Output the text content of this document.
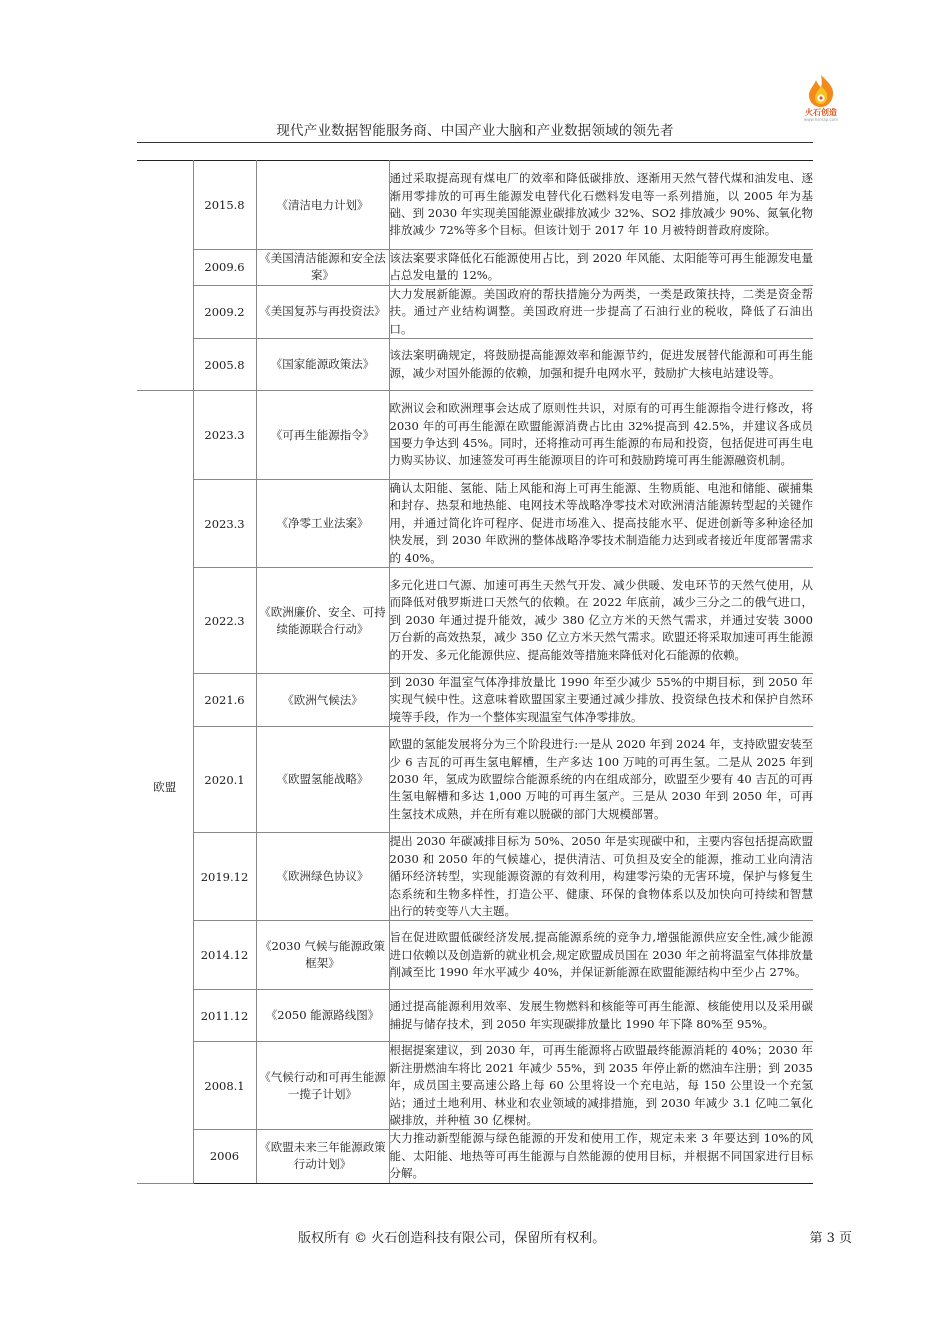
火石创造
www.hsmap.com
现代产业数据智能服务商、中国产业大脑和产业数据领域的领先者
	2015.8	《清洁电力计划》	通过采取提高现有煤电厂的效率和降低碳排放、逐渐用天然气替代煤和油发电、逐渐用零排放的可再生能源发电替代化石燃料发电等一系列措施，以 2005 年为基础、到 2030 年实现美国能源业碳排放减少 32%、SO2 排放减少 90%、氮氧化物排放减少 72%等多个目标。但该计划于 2017 年 10 月被特朗普政府废除。
	2009.6	《美国清洁能源和安全法案》	该法案要求降低化石能源使用占比，到 2020 年风能、太阳能等可再生能源发电量占总发电量的 12%。
	2009.2	《美国复苏与再投资法》	大力发展新能源。美国政府的帮扶措施分为两类，一类是政策扶持，二类是资金帮扶。通过产业结构调整。美国政府进一步提高了石油行业的税收，降低了石油出口。
	2005.8	《国家能源政策法》	该法案明确规定，将鼓励提高能源效率和能源节约，促进发展替代能源和可再生能源，减少对国外能源的依赖，加强和提升电网水平，鼓励扩大核电站建设等。
欧盟	2023.3	《可再生能源指令》	欧洲议会和欧洲理事会达成了原则性共识，对原有的可再生能源指令进行修改，将 2030 年的可再生能源在欧盟能源消费占比由 32%提高到 42.5%，并建议各成员国要力争达到 45%。同时，还将推动可再生能源的布局和投资，包括促进可再生电力购买协议、加速签发可再生能源项目的许可和鼓励跨境可再生能源融资机制。
	2023.3	《净零工业法案》	确认太阳能、氢能、陆上风能和海上可再生能源、生物质能、电池和储能、碳捕集和封存、热泵和地热能、电网技术等战略净零技术对欧洲清洁能源转型起的关键作用，并通过简化许可程序、促进市场准入、提高技能水平、促进创新等多种途径加快发展，到 2030 年欧洲的整体战略净零技术制造能力达到或者接近年度部署需求的 40%。
	2022.3	《欧洲廉价、安全、可持续能源联合行动》	多元化进口气源、加速可再生天然气开发、减少供暖、发电环节的天然气使用，从而降低对俄罗斯进口天然气的依赖。在 2022 年底前，减少三分之二的俄气进口，到 2030 年通过提升能效，减少 380 亿立方米的天然气需求，并通过安装 3000 万台新的高效热泵，减少 350 亿立方米天然气需求。欧盟还将采取加速可再生能源的开发、多元化能源供应、提高能效等措施来降低对化石能源的依赖。
	2021.6	《欧洲气候法》	到 2030 年温室气体净排放量比 1990 年至少减少 55%的中期目标，到 2050 年实现气候中性。这意味着欧盟国家主要通过减少排放、投资绿色技术和保护自然环境等手段，作为一个整体实现温室气体净零排放。
	2020.1	《欧盟氢能战略》	欧盟的氢能发展将分为三个阶段进行:一是从 2020 年到 2024 年，支持欧盟安装至少 6 吉瓦的可再生氢电解槽，生产多达 100 万吨的可再生氢。二是从 2025 年到 2030 年，氢成为欧盟综合能源系统的内在组成部分，欧盟至少要有 40 吉瓦的可再生氢电解槽和多达 1,000 万吨的可再生氢产。三是从 2030 年到 2050 年，可再生氢技术成熟，并在所有难以脱碳的部门大规模部署。
	2019.12	《欧洲绿色协议》	提出 2030 年碳减排目标为 50%、2050 年是实现碳中和，主要内容包括提高欧盟 2030 和 2050 年的气候雄心，提供清洁、可负担及安全的能源，推动工业向清洁循环经济转型，实现能源资源的有效利用，构建零污染的无害环境，保护与修复生态系统和生物多样性，打造公平、健康、环保的食物体系以及加快向可持续和智慧出行的转变等八大主题。
	2014.12	《2030 气候与能源政策框架》	旨在促进欧盟低碳经济发展,提高能源系统的竞争力,增强能源供应安全性,减少能源进口依赖以及创造新的就业机会,规定欧盟成员国在 2030 年之前将温室气体排放量削减至比 1990 年水平减少 40%，并保证新能源在欧盟能源结构中至少占 27%。
	2011.12	《2050 能源路线图》	通过提高能源利用效率、发展生物燃料和核能等可再生能源、核能使用以及采用碳捕捉与储存技术，到 2050 年实现碳排放量比 1990 年下降 80%至 95%。
	2008.1	《气候行动和可再生能源一揽子计划》	根据提案建议，到 2030 年，可再生能源将占欧盟最终能源消耗的 40%；2030 年新注册燃油车将比 2021 年减少 55%，到 2035 年停止新的燃油车注册；到 2035 年，成员国主要高速公路上每 60 公里将设一个充电站，每 150 公里设一个充氢站；通过土地利用、林业和农业领域的减排措施，到 2030 年减少 3.1 亿吨二氧化碳排放，并种植 30 亿棵树。
	2006	《欧盟未来三年能源政策行动计划》	大力推动新型能源与绿色能源的开发和使用工作，规定未来 3 年要达到 10%的风能、太阳能、地热等可再生能源与自然能源的使用目标，并根据不同国家进行目标分解。
版权所有 © 火石创造科技有限公司，保留所有权利。	第 3 页
